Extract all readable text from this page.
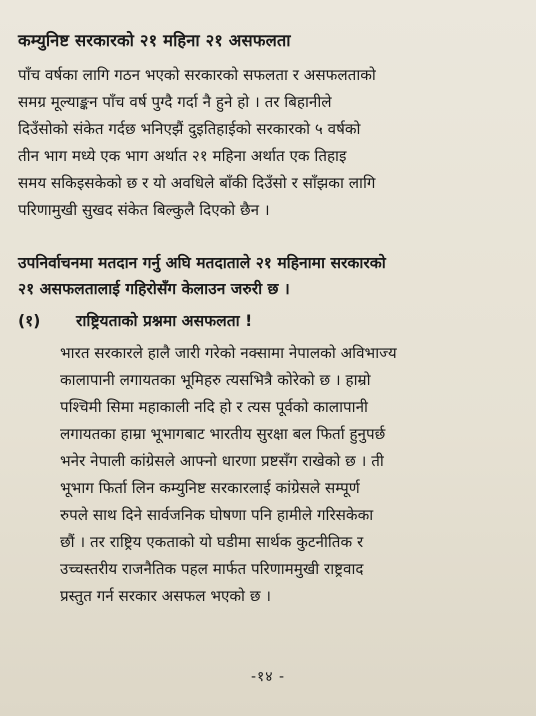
कम्युनिष्ट सरकारको २१ महिना २१ असफलता

पाँच वर्षका लागि गठन भएको सरकारको सफलता र असफलताको
समग्र मूल्याङ्कन पाँच वर्ष पुग्दै गर्दा नै हुने हो । तर बिहानीले
दिउँसोको संकेत गर्दछ भनिएझैं दुइतिहाईको सरकारको ५ वर्षको
तीन भाग मध्ये एक भाग अर्थात २१ महिना अर्थात एक तिहाइ
समय सकिइसकेको छ र यो अवधिले बाँकी दिउँसो र साँझका लागि
परिणामुखी सुखद संकेत बिल्कुलै दिएको छैन ।

उपनिर्वाचनमा मतदान गर्नु अघि मतदाताले २१ महिनामा सरकारको
२१ असफलतालाई गहिरोसँग केलाउन जरुरी छ ।
(१)	राष्ट्रियताको प्रश्नमा असफलता !

भारत सरकारले हालै जारी गरेको नक्सामा नेपालको अविभाज्य
कालापानी लगायतका भूमिहरु त्यसभित्रै कोरेको छ । हाम्रो
पश्चिमी सिमा महाकाली नदि हो र त्यस पूर्वको कालापानी
लगायतका हाम्रा भूभागबाट भारतीय सुरक्षा बल फिर्ता हुनुपर्छ
भनेर नेपाली कांग्रेसले आफ्नो धारणा प्रष्टसँग राखेको छ । ती
भूभाग फिर्ता लिन कम्युनिष्ट सरकारलाई कांग्रेसले सम्पूर्ण
रुपले साथ दिने सार्वजनिक घोषणा पनि हामीले गरिसकेका
छौं । तर राष्ट्रिय एकताको यो घडीमा सार्थक कुटनीतिक र
उच्चस्तरीय राजनैतिक पहल मार्फत परिणाममुखी राष्ट्रवाद
प्रस्तुत गर्न सरकार असफल भएको छ ।

-१४ -
